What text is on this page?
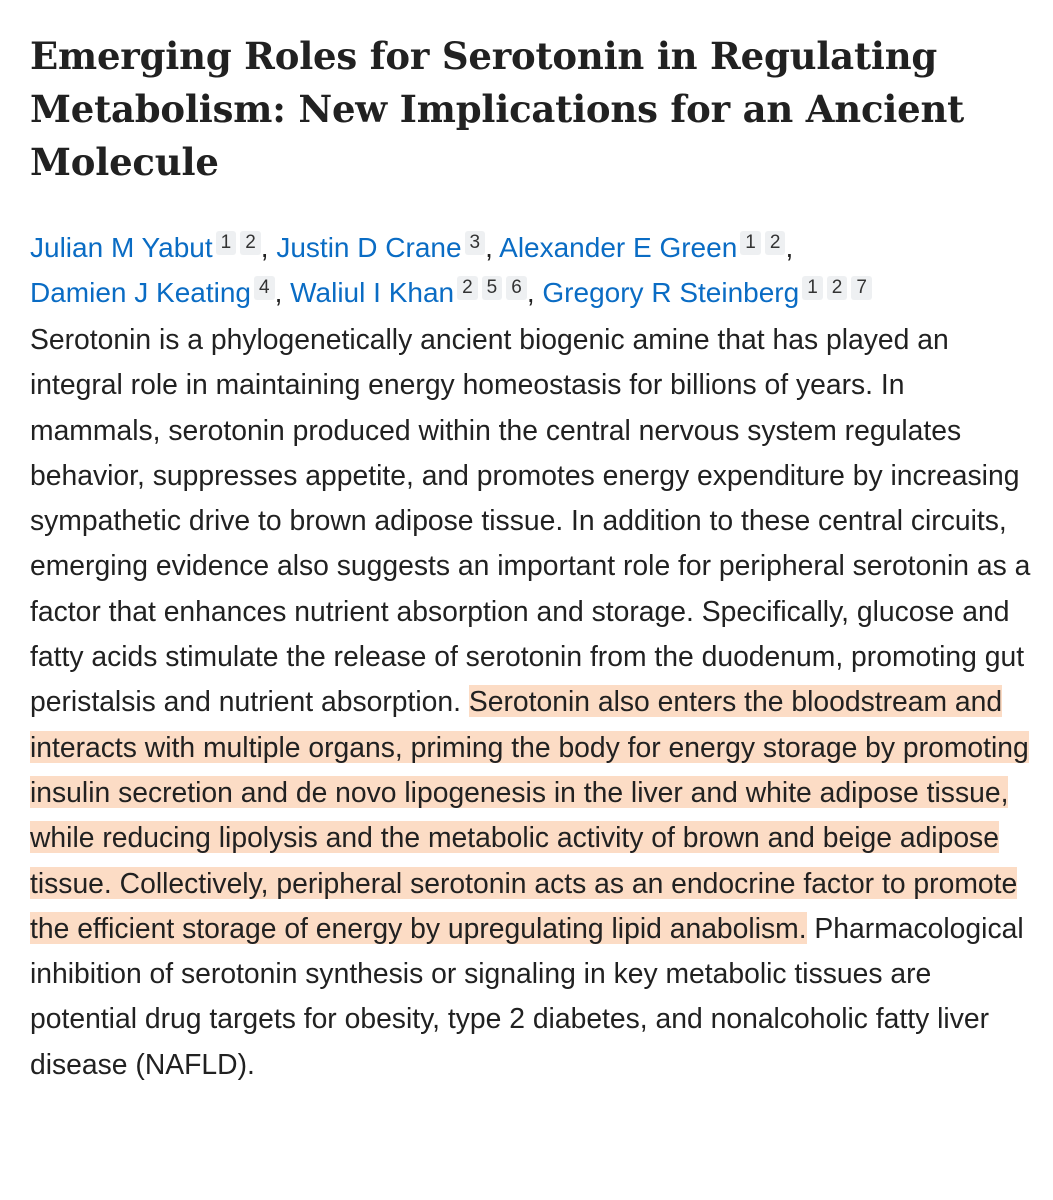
Emerging Roles for Serotonin in Regulating Metabolism: New Implications for an Ancient Molecule
Julian M Yabut 1 2 , Justin D Crane 3 , Alexander E Green 1 2 ,
Damien J Keating 4 , Waliul I Khan 2 5 6 , Gregory R Steinberg 1 2 7
Serotonin is a phylogenetically ancient biogenic amine that has played an integral role in maintaining energy homeostasis for billions of years. In mammals, serotonin produced within the central nervous system regulates behavior, suppresses appetite, and promotes energy expenditure by increasing sympathetic drive to brown adipose tissue. In addition to these central circuits, emerging evidence also suggests an important role for peripheral serotonin as a factor that enhances nutrient absorption and storage. Specifically, glucose and fatty acids stimulate the release of serotonin from the duodenum, promoting gut peristalsis and nutrient absorption. Serotonin also enters the bloodstream and interacts with multiple organs, priming the body for energy storage by promoting insulin secretion and de novo lipogenesis in the liver and white adipose tissue, while reducing lipolysis and the metabolic activity of brown and beige adipose tissue. Collectively, peripheral serotonin acts as an endocrine factor to promote the efficient storage of energy by upregulating lipid anabolism. Pharmacological inhibition of serotonin synthesis or signaling in key metabolic tissues are potential drug targets for obesity, type 2 diabetes, and nonalcoholic fatty liver disease (NAFLD).
